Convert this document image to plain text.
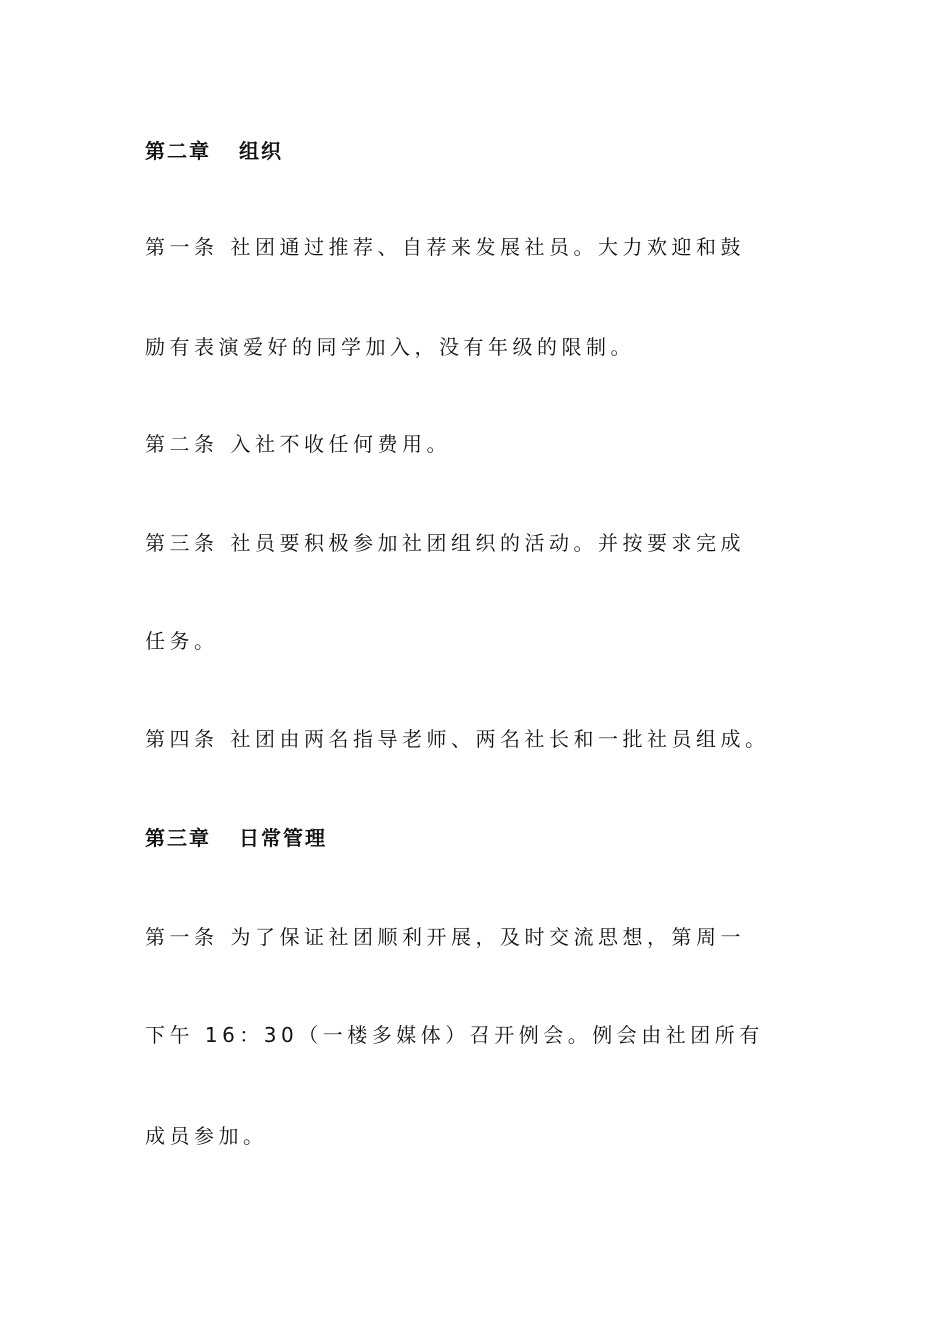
第二章 组织
第一条 社团通过推荐、自荐来发展社员。大力欢迎和鼓
励有表演爱好的同学加入，没有年级的限制。
第二条 入社不收任何费用。
第三条 社员要积极参加社团组织的活动。并按要求完成
任务。
第四条 社团由两名指导老师、两名社长和一批社员组成。
第三章 日常管理
第一条 为了保证社团顺利开展，及时交流思想，第周一
下午 16：30（一楼多媒体）召开例会。例会由社团所有
成员参加。
